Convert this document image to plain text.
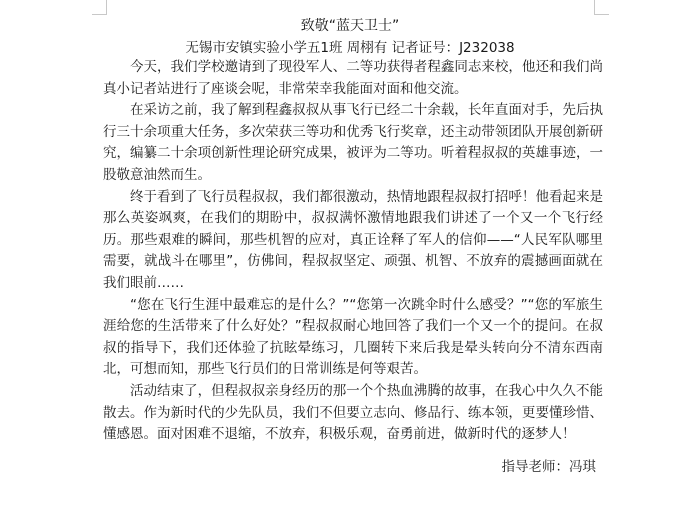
致敬“蓝天卫士”
无锡市安镇实验小学五1班 周栩有 记者证号：J232038

今天，我们学校邀请到了现役军人、二等功获得者程鑫同志来校，他还和我们尚真小记者站进行了座谈会呢，非常荣幸我能面对面和他交流。

在采访之前，我了解到程鑫叔叔从事飞行已经二十余载，长年直面对手，先后执行三十余项重大任务，多次荣获三等功和优秀飞行奖章，还主动带领团队开展创新研究，编纂二十余项创新性理论研究成果，被评为二等功。听着程叔叔的英雄事迹，一股敬意油然而生。

终于看到了飞行员程叔叔，我们都很激动，热情地跟程叔叔打招呼！他看起来是那么英姿飒爽，在我们的期盼中，叔叔满怀激情地跟我们讲述了一个又一个飞行经历。那些艰难的瞬间，那些机智的应对，真正诠释了军人的信仰——“人民军队哪里需要，就战斗在哪里”，仿佛间，程叔叔坚定、顽强、机智、不放弃的震撼画面就在我们眼前……

“您在飞行生涯中最难忘的是什么？”“您第一次跳伞时什么感受？”“您的军旅生涯给您的生活带来了什么好处？”程叔叔耐心地回答了我们一个又一个的提问。在叔叔的指导下，我们还体验了抗眩晕练习，几圈转下来后我是晕头转向分不清东西南北，可想而知，那些飞行员们的日常训练是何等艰苦。

活动结束了，但程叔叔亲身经历的那一个个热血沸腾的故事，在我心中久久不能散去。作为新时代的少先队员，我们不但要立志向、修品行、练本领，更要懂珍惜、懂感恩。面对困难不退缩，不放弃，积极乐观，奋勇前进，做新时代的逐梦人！

指导老师：冯琪
